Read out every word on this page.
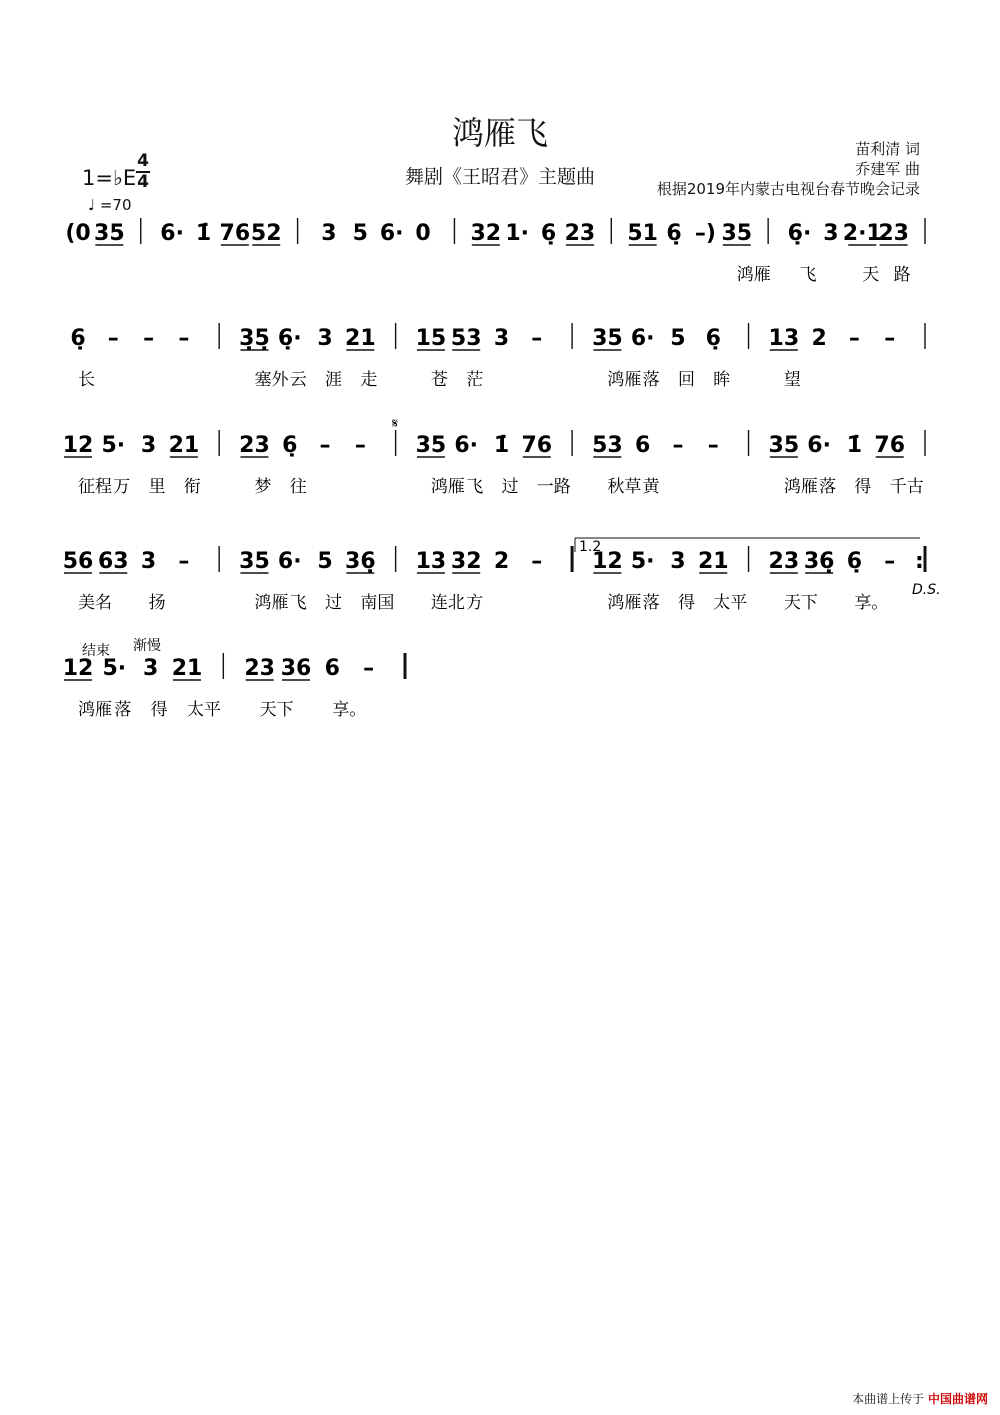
鸿雁飞
舞剧《王昭君》主题曲
苗利清 词
乔建军 曲
根据2019年内蒙古电视台春节晚会记录
1=♭E
4
4
♩ =70
(0 35 6· 1̇ 76 52 3 5 6· 0 32 1· 6̣ 23 51 6̣ –) 35 6̣· 3 2·1
23
鸿雁 飞	天 路
6̣ – – – 3̣5̣ 6̣· 3 21 15 53 3 – 35 6· 5 6̣ 13 2 – –
长	塞外 云 涯 走	苍 茫	鸿雁 落 回 眸	望
12 5· 3 21 23 6̣ – – 35 6· 1̇ 76 53 6 – – 35 6· 1̇ 76
征程 万 里 衔	梦 往	鸿雁 飞 过 一路 秋草 黄	鸿雁 落 得 千古
56 63 3 – 35 6· 5 36̣ 13 32 2 – 12 5· 3 21 23 36̣ 6̣ – :
美名 扬	鸿雁 飞 过 南国 连北 方	鸿雁 落 得 太平 天下 享。
12 5· 3 21 23 36 6 –
鸿雁 落 得 太平 天下 享。
𝄋
1.2
D.S.
结束 渐慢
本曲谱上传于 中国曲谱网
